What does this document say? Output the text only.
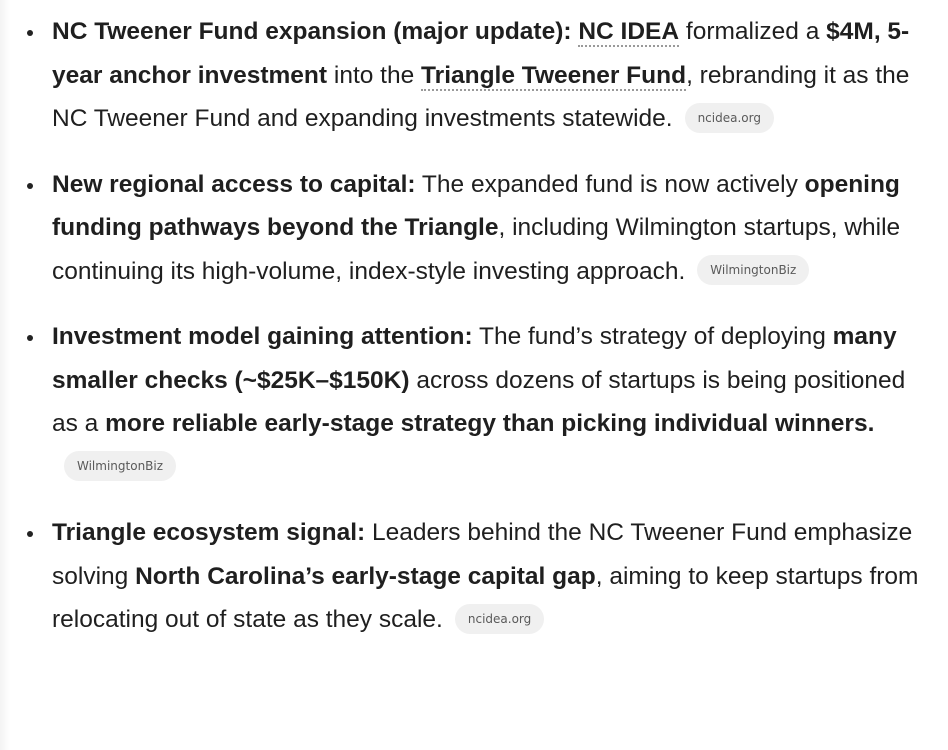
NC Tweener Fund expansion (major update): NC IDEA formalized a $4M, 5-year anchor investment into the Triangle Tweener Fund, rebranding it as the NC Tweener Fund and expanding investments statewide. ncidea.org
New regional access to capital: The expanded fund is now actively opening funding pathways beyond the Triangle, including Wilmington startups, while continuing its high-volume, index-style investing approach. WilmingtonBiz
Investment model gaining attention: The fund’s strategy of deploying many smaller checks (~$25K–$150K) across dozens of startups is being positioned as a more reliable early-stage strategy than picking individual winners.WilmingtonBiz
Triangle ecosystem signal: Leaders behind the NC Tweener Fund emphasize solving North Carolina’s early-stage capital gap, aiming to keep startups from relocating out of state as they scale. ncidea.org
